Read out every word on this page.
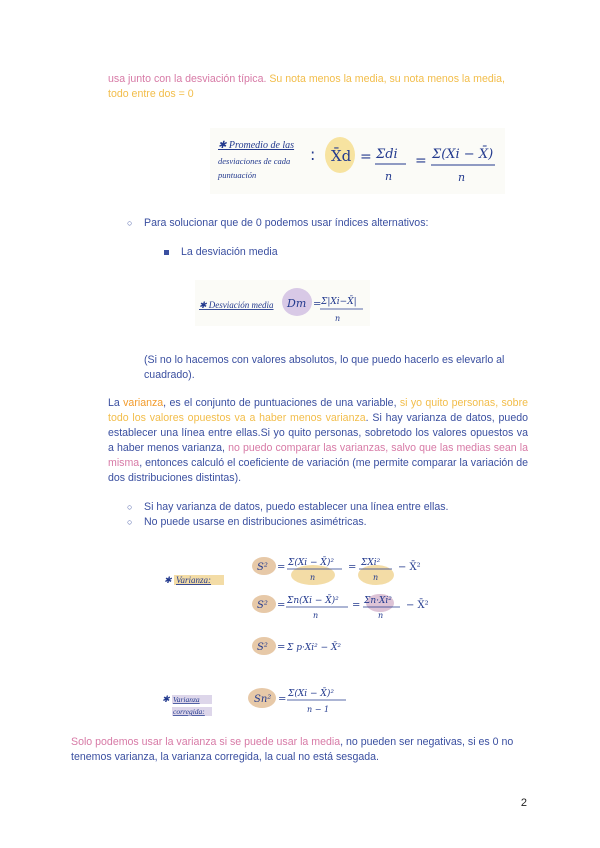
usa junto con la desviación típica. Su nota menos la media, su nota menos la media,
todo entre dos = 0
✱ Promedio de las
desviaciones de cada
puntuación
: X̄d = Σdi
n
= Σ(Xi − X̄)
n
○ Para solucionar que de 0 podemos usar índices alternativos:
La desviación media
✱ Desviación media Dm = Σ|Xi−X̄|
n
(Si no lo hacemos con valores absolutos, lo que puedo hacerlo es elevarlo al cuadrado).
La varianza, es el conjunto de puntuaciones de una variable, si yo quito personas, sobre todo los valores opuestos va a haber menos varianza. Si hay varianza de datos, puedo establecer una línea entre ellas.Si yo quito personas, sobretodo los valores opuestos va a haber menos varianza, no puedo comparar las varianzas, salvo que las medias sean la misma, entonces calculó el coeficiente de variación (me permite comparar la variación de dos distribuciones distintas).
○ Si hay varianza de datos, puedo establecer una línea entre ellas.
○ No puede usarse en distribuciones asimétricas.
✱ Varianza:
S² = Σ(Xi − X̄)²
n
= ΣXi²
n
− X̄²
S² = Σn(Xi − X̄)²
n
= Σn·Xi²
n
− X̄²
S² = Σ p·Xi² − X̄²
✱ Varianza
corregida:
Sn² = Σ(Xi − X̄)²
n − 1
Solo podemos usar la varianza si se puede usar la media, no pueden ser negativas, si es 0 no tenemos varianza, la varianza corregida, la cual no está sesgada.
2
